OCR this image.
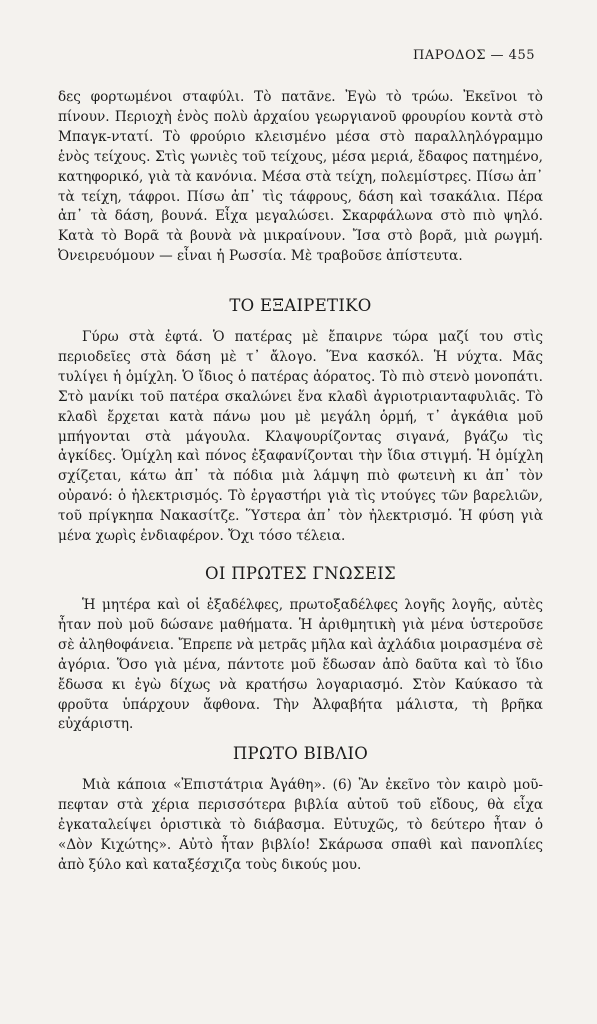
ΠΑΡΟΔΟΣ — 455
δες φορτωμένοι σταφύλι. Τὸ πατᾶνε. Ἐγὼ τὸ τρώω. Ἐκεῖνοι τὸ πίνουν. Περιοχὴ ἑνὸς πολὺ ἀρχαίου γεωργιανοῦ φρουρίου κοντὰ στὸ Μπαγκ-ντατί. Τὸ φρούριο κλεισμένο μέσα στὸ παραλληλόγραμμο ἑνὸς τείχους. Στὶς γωνιὲς τοῦ τείχους, μέσα μεριά, ἔδαφος πατημένο, κατηφορικό, γιὰ τὰ κανόνια. Μέσα στὰ τείχη, πολεμίστρες. Πίσω ἀπ᾿ τὰ τείχη, τάφροι. Πίσω ἀπ᾿ τὶς τάφρους, δάση καὶ τσακάλια. Πέρα ἀπ᾿ τὰ δάση, βουνά. Εἶχα μεγαλώσει. Σκαρφάλωνα στὸ πιὸ ψηλό. Κατὰ τὸ Βορᾶ τὰ βουνὰ νὰ μικραίνουν. Ἴσα στὸ βορᾶ, μιὰ ρωγμή. Ὀνειρευόμουν — εἶναι ἡ Ρωσσία. Μὲ τραβοῦσε ἀπίστευτα.
ΤΟ ΕΞΑΙΡΕΤΙΚΟ
Γύρω στὰ ἐφτά. Ὁ πατέρας μὲ ἔπαιρνε τώρα μαζί του στὶς περιοδεῖες στὰ δάση μὲ τ᾿ ἄλογο. Ἕνα κασκόλ. Ἡ νύχτα. Μᾶς τυλίγει ἡ ὁμίχλη. Ὁ ἴδιος ὁ πατέρας ἀόρατος. Τὸ πιὸ στενὸ μονοπάτι. Στὸ μανίκι τοῦ πατέρα σκαλώνει ἕνα κλαδὶ ἀγριοτριανταφυλιᾶς. Τὸ κλαδὶ ἔρχεται κατὰ πάνω μου μὲ μεγάλη ὁρμή, τ᾿ ἀγκάθια μοῦ μπήγονται στὰ μάγουλα. Κλαψουρίζοντας σιγανά, βγάζω τὶς ἀγκίδες. Ὁμίχλη καὶ πόνος ἐξαφανίζονται τὴν ἴδια στιγμή. Ἡ ὁμίχλη σχίζεται, κάτω ἀπ᾿ τὰ πόδια μιὰ λάμψη πιὸ φωτεινὴ κι ἀπ᾿ τὸν οὐρανό: ὁ ἠλεκτρισμός. Τὸ ἐργαστήρι γιὰ τὶς ντούγες τῶν βαρελιῶν, τοῦ πρίγκηπα Νακασίτζε. Ὕστερα ἀπ᾿ τὸν ἠλεκτρισμό. Ἡ φύση γιὰ μένα χωρὶς ἐνδιαφέρον. Ὄχι τόσο τέλεια.
ΟΙ ΠΡΩΤΕΣ ΓΝΩΣΕΙΣ
Ἡ μητέρα καὶ οἱ ἐξαδέλφες, πρωτοξαδέλφες λογῆς λογῆς, αὐτὲς ἦταν ποὺ μοῦ δώσανε μαθήματα. Ἡ ἀριθμητικὴ γιὰ μένα ὑστεροῦσε σὲ ἀληθοφάνεια. Ἔπρεπε νὰ μετρᾶς μῆλα καὶ ἀχλάδια μοιρασμένα σὲ ἀγόρια. Ὅσο γιὰ μένα, πάντοτε μοῦ ἔδωσαν ἀπὸ δαῦτα καὶ τὸ ἴδιο ἔδωσα κι ἐγὼ δίχως νὰ κρατήσω λογαριασμό. Στὸν Καύκασο τὰ φροῦτα ὑπάρχουν ἄφθονα. Τὴν Ἀλφαβήτα μάλιστα, τὴ βρῆκα εὐχάριστη.
ΠΡΩΤΟ ΒΙΒΛΙΟ
Μιὰ κάποια «Ἐπιστάτρια Ἀγάθη». (6) Ἂν ἐκεῖνο τὸν καιρὸ μοῦ-πεφταν στὰ χέρια περισσότερα βιβλία αὐτοῦ τοῦ εἴδους, θὰ εἶχα ἐγκαταλείψει ὁριστικὰ τὸ διάβασμα. Εὐτυχῶς, τὸ δεύτερο ἦταν ὁ «Δὸν Κιχώτης». Αὐτὸ ἦταν βιβλίο! Σκάρωσα σπαθὶ καὶ πανοπλίες ἀπὸ ξύλο καὶ καταξέσχιζα τοὺς δικούς μου.
